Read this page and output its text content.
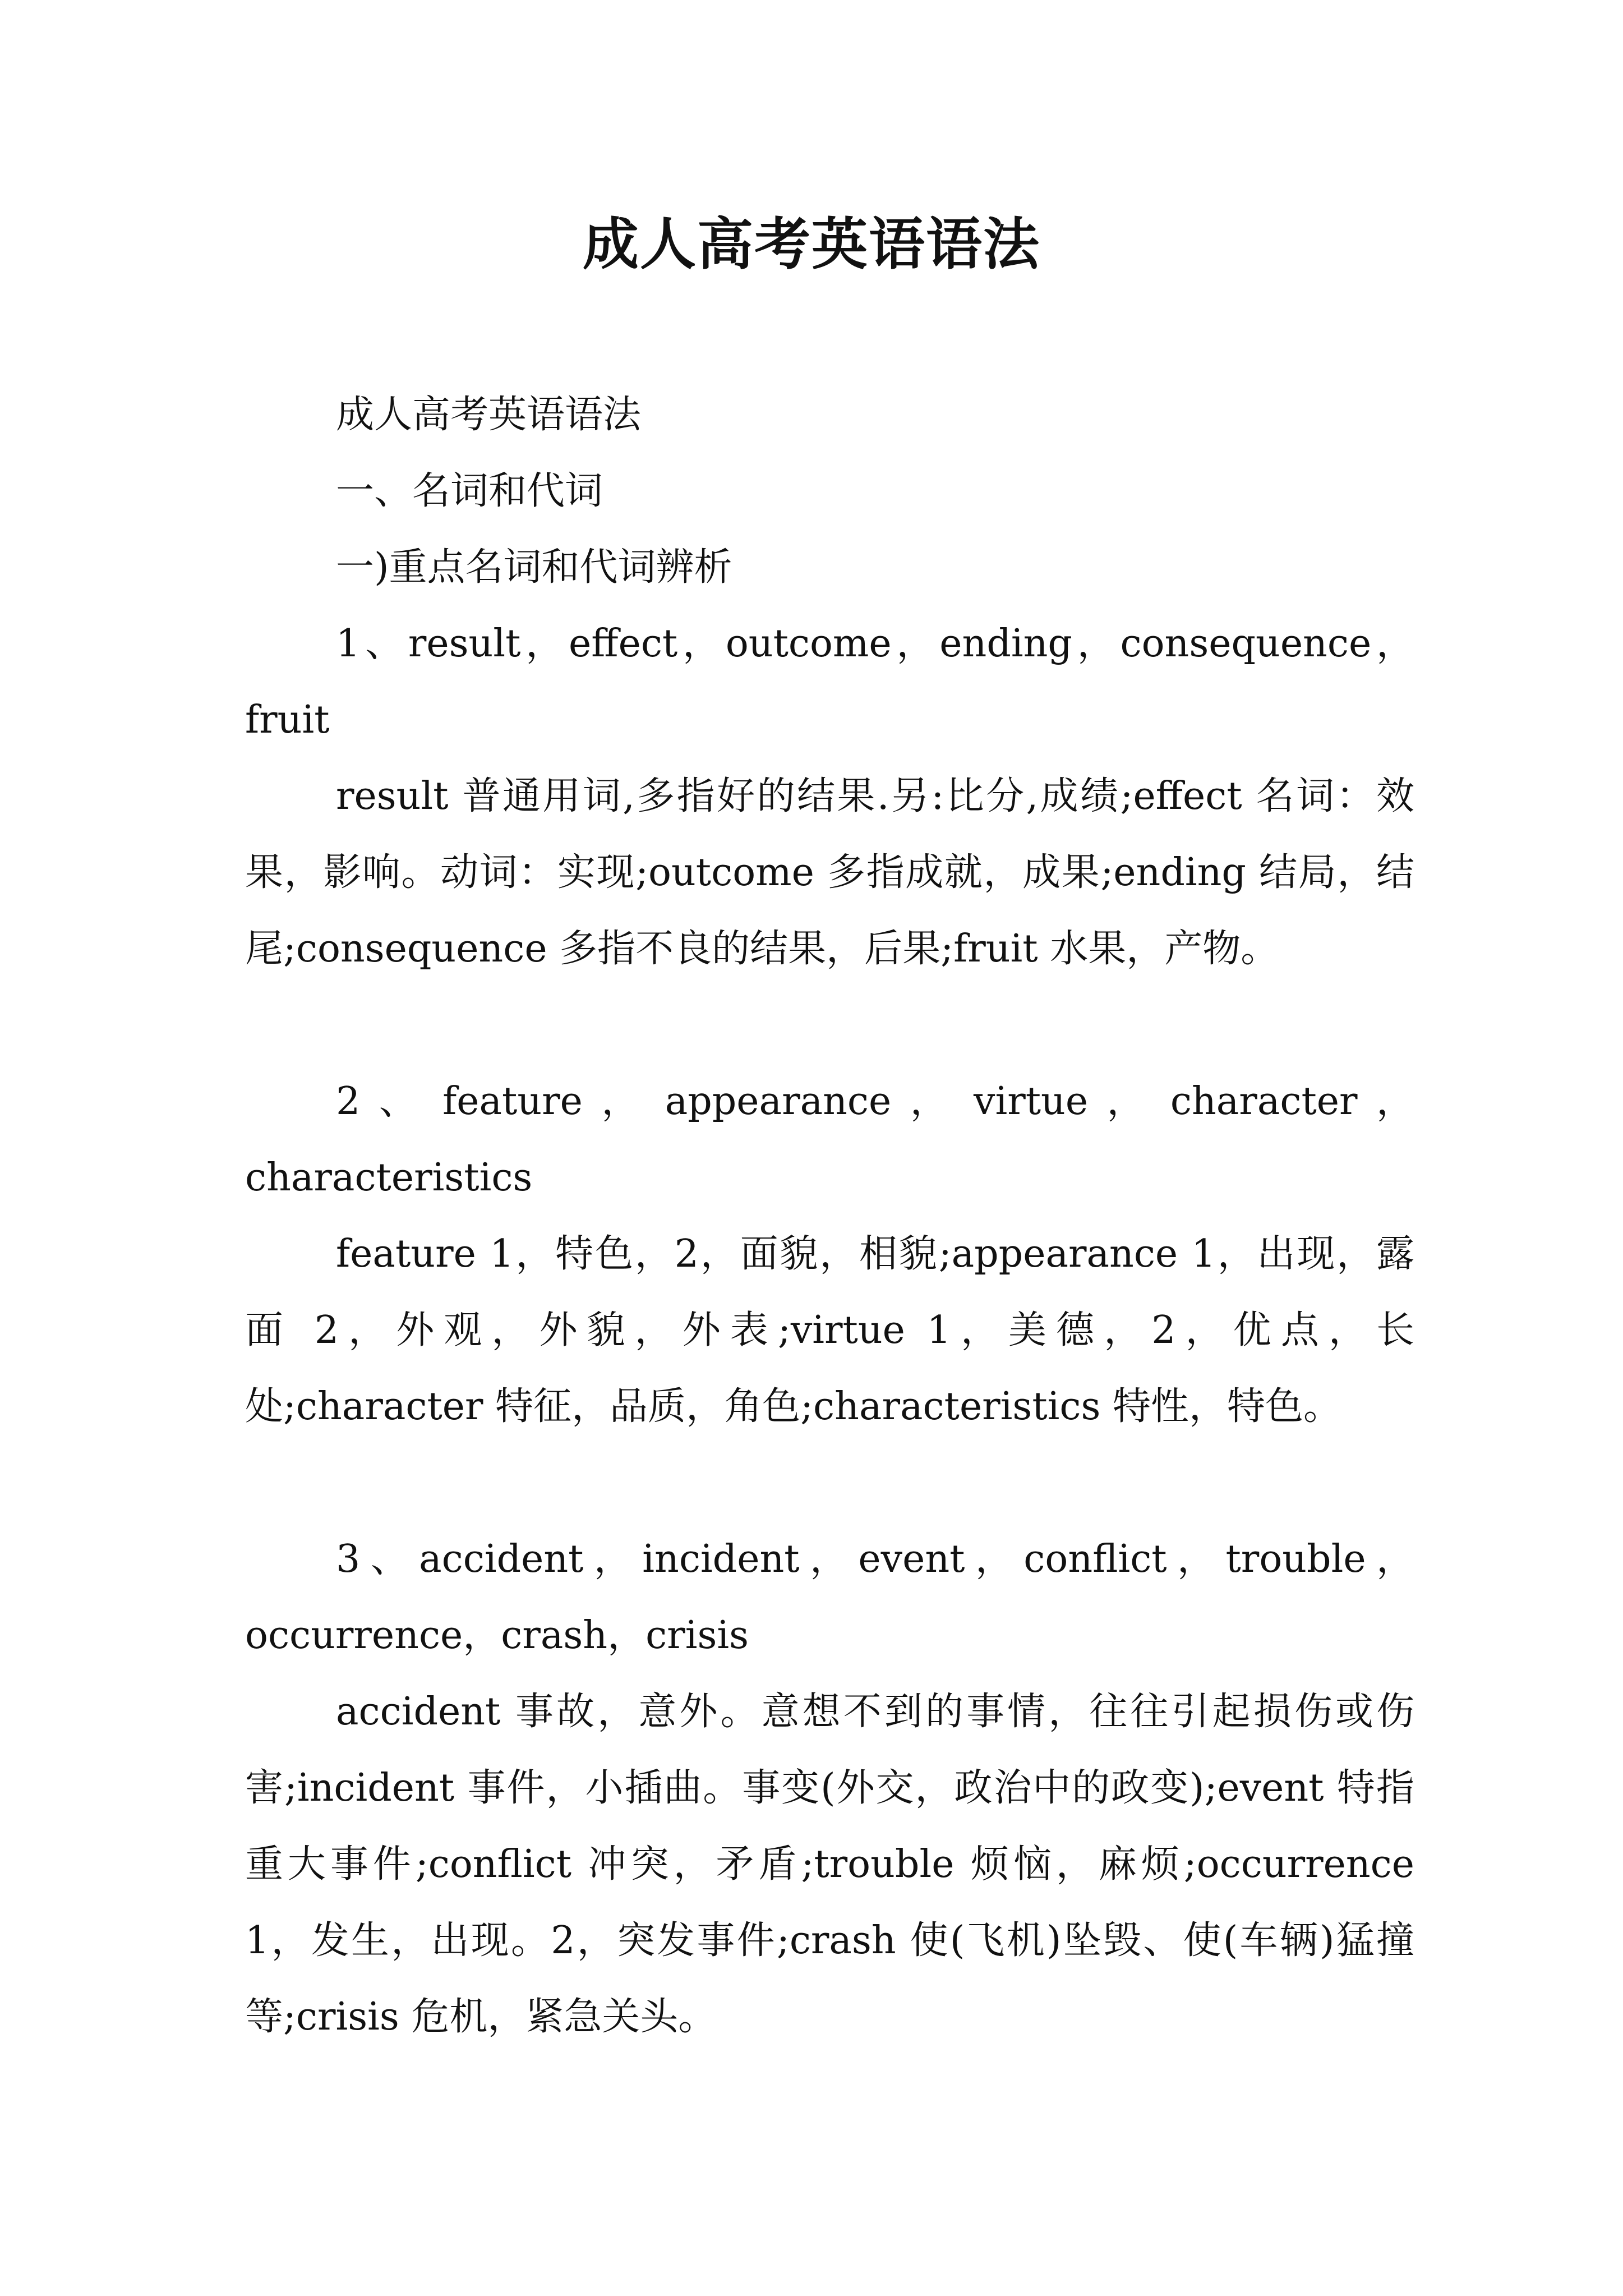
成人高考英语语法
成人高考英语语法
一、名词和代词
一)重点名词和代词辨析
1、result，effect，outcome，ending，consequence，fruit
result 普通用词,多指好的结果.另:比分,成绩;effect 名词：效果，影响。动词：实现;outcome 多指成就，成果;ending 结局，结尾;consequence 多指不良的结果，后果;fruit 水果，产物。
2 、 feature ， appearance ， virtue ， character ， characteristics
feature 1，特色，2，面貌，相貌;appearance 1，出现，露面 2，外观，外貌，外表;virtue 1，美德，2，优点，长处;character 特征，品质，角色;characteristics 特性，特色。
3、accident，incident，event，conflict，trouble，occurrence，crash，crisis
accident 事故，意外。意想不到的事情，往往引起损伤或伤害;incident 事件，小插曲。事变(外交，政治中的政变);event 特指重大事件;conflict 冲突，矛盾;trouble 烦恼，麻烦;occurrence 1，发生，出现。2，突发事件;crash 使(飞机)坠毁、使(车辆)猛撞等;crisis 危机，紧急关头。
